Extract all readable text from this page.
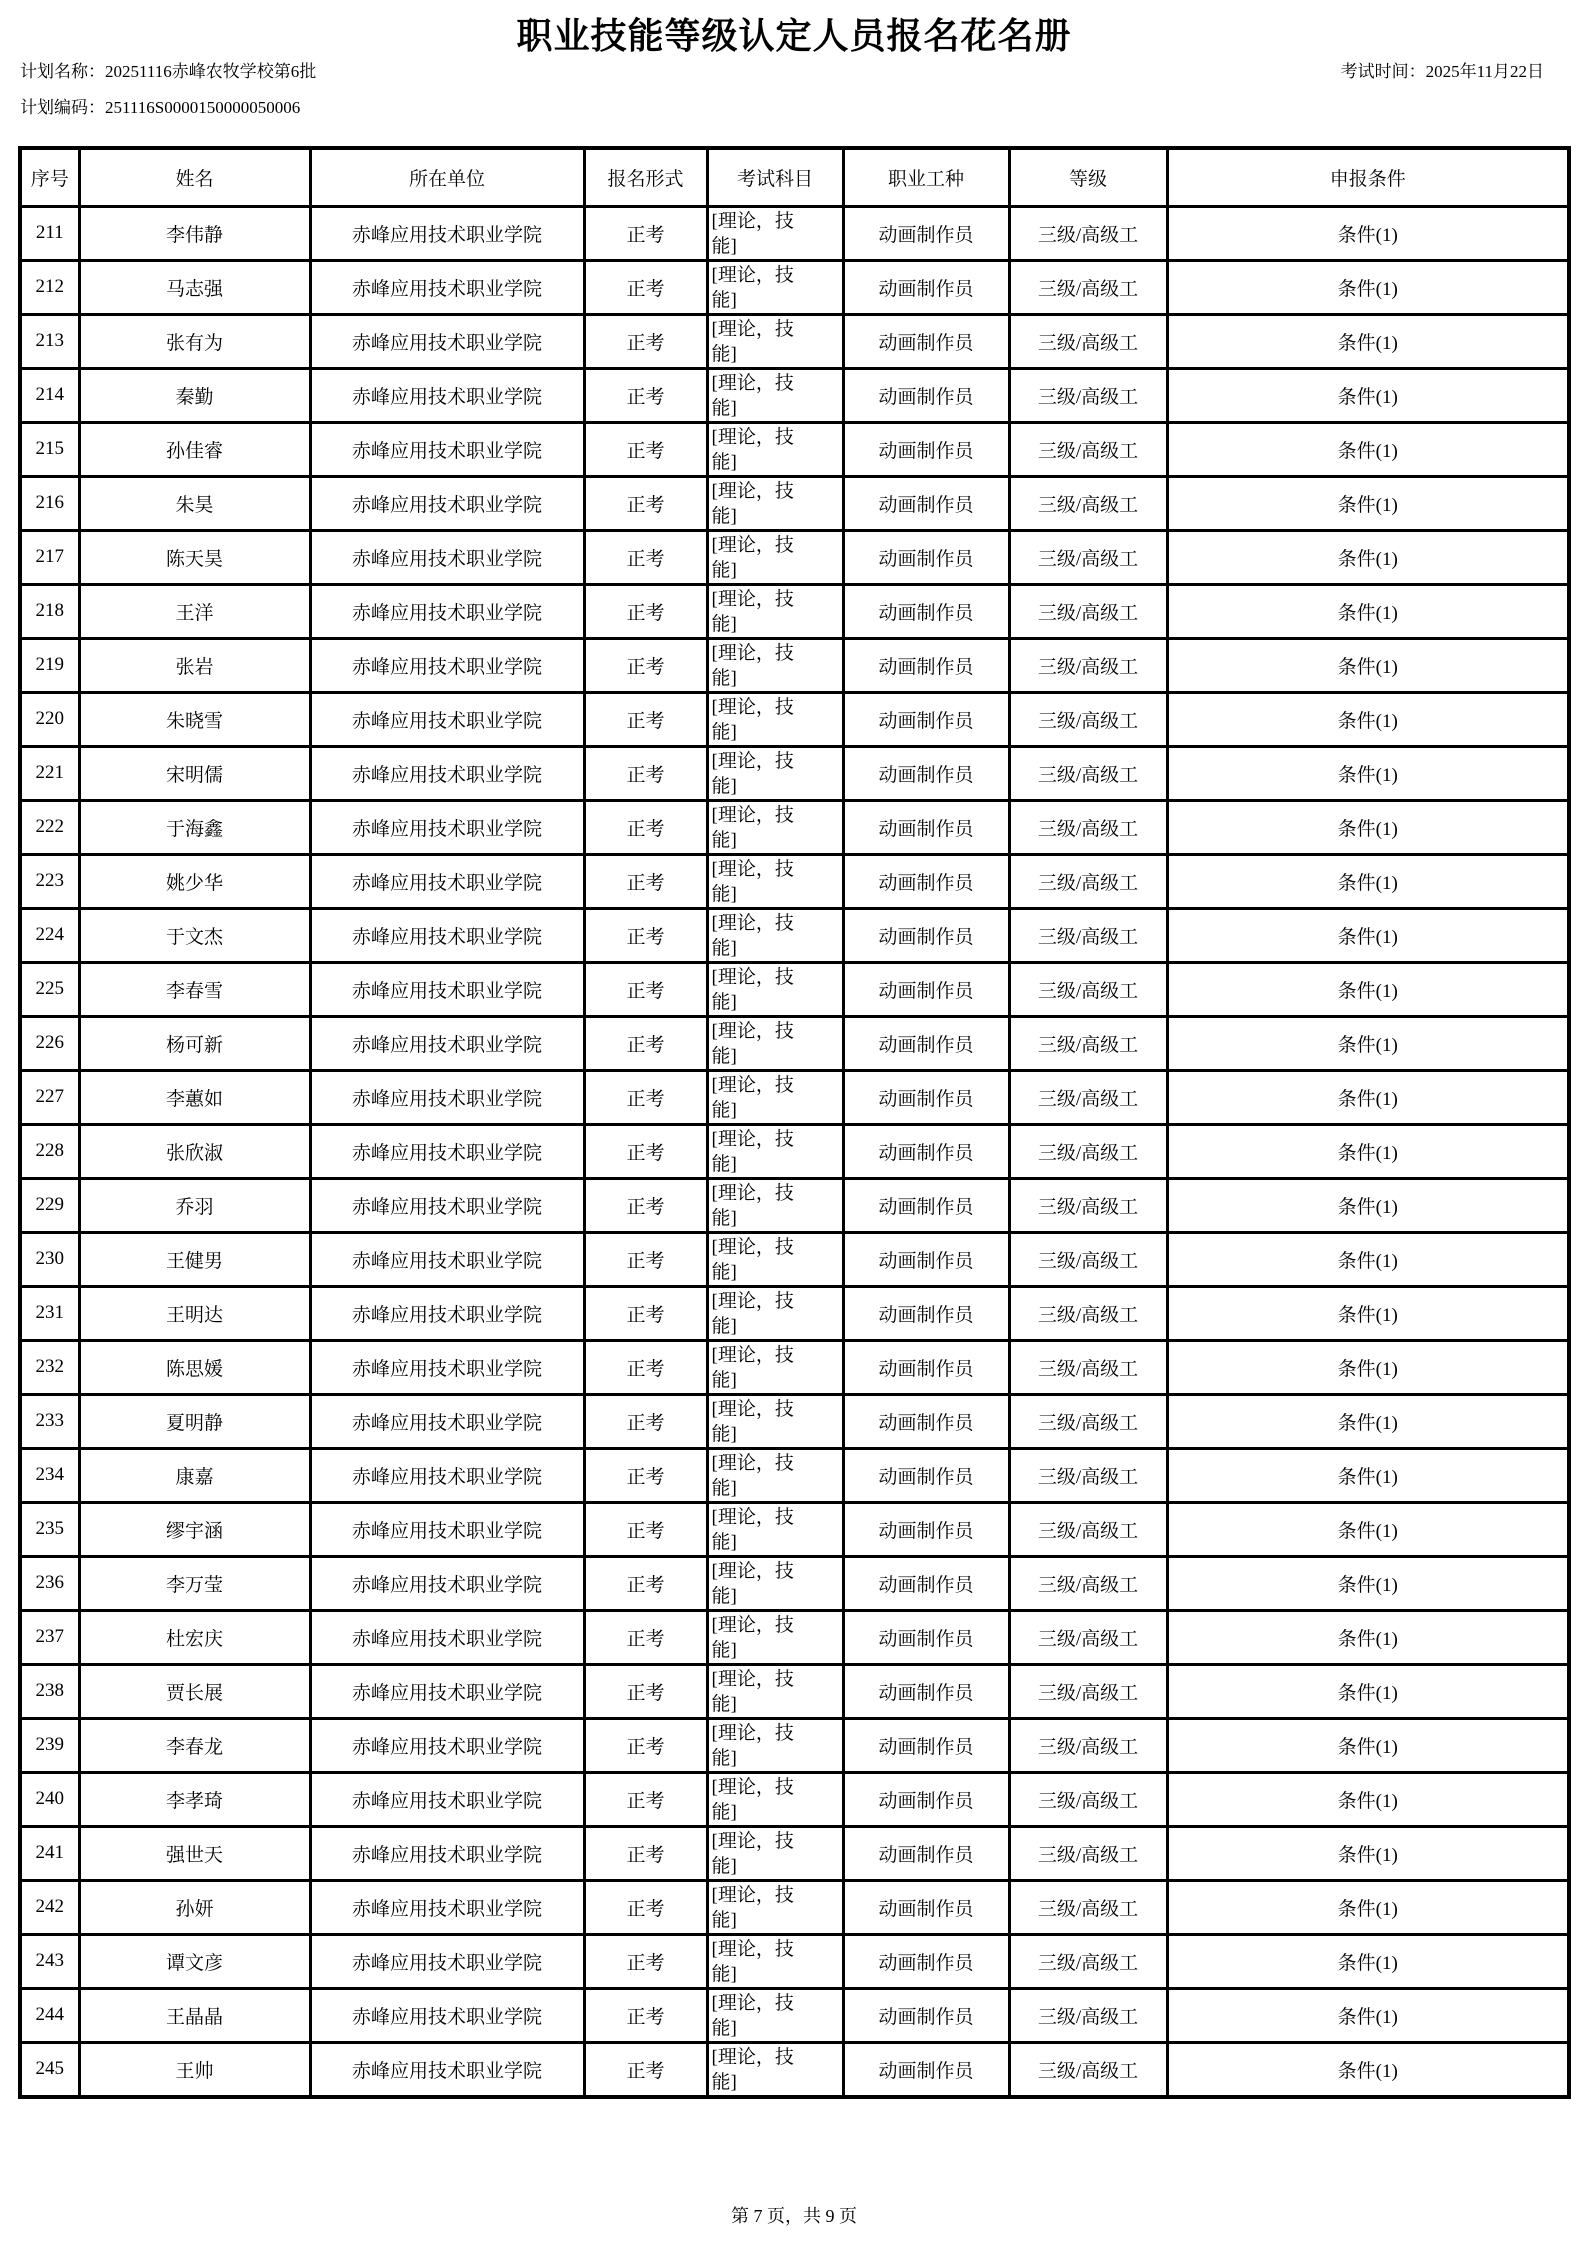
职业技能等级认定人员报名花名册
计划名称：20251116赤峰农牧学校第6批	考试时间：2025年11月22日
计划编码：251116S0000150000050006
序号	姓名	所在单位	报名形式	考试科目	职业工种	等级	申报条件
211	李伟静	赤峰应用技术职业学院	正考	[理论，技能]	动画制作员	三级/高级工	条件(1)
212	马志强	赤峰应用技术职业学院	正考	[理论，技能]	动画制作员	三级/高级工	条件(1)
213	张有为	赤峰应用技术职业学院	正考	[理论，技能]	动画制作员	三级/高级工	条件(1)
214	秦勤	赤峰应用技术职业学院	正考	[理论，技能]	动画制作员	三级/高级工	条件(1)
215	孙佳睿	赤峰应用技术职业学院	正考	[理论，技能]	动画制作员	三级/高级工	条件(1)
216	朱昊	赤峰应用技术职业学院	正考	[理论，技能]	动画制作员	三级/高级工	条件(1)
217	陈天昊	赤峰应用技术职业学院	正考	[理论，技能]	动画制作员	三级/高级工	条件(1)
218	王洋	赤峰应用技术职业学院	正考	[理论，技能]	动画制作员	三级/高级工	条件(1)
219	张岩	赤峰应用技术职业学院	正考	[理论，技能]	动画制作员	三级/高级工	条件(1)
220	朱晓雪	赤峰应用技术职业学院	正考	[理论，技能]	动画制作员	三级/高级工	条件(1)
221	宋明儒	赤峰应用技术职业学院	正考	[理论，技能]	动画制作员	三级/高级工	条件(1)
222	于海鑫	赤峰应用技术职业学院	正考	[理论，技能]	动画制作员	三级/高级工	条件(1)
223	姚少华	赤峰应用技术职业学院	正考	[理论，技能]	动画制作员	三级/高级工	条件(1)
224	于文杰	赤峰应用技术职业学院	正考	[理论，技能]	动画制作员	三级/高级工	条件(1)
225	李春雪	赤峰应用技术职业学院	正考	[理论，技能]	动画制作员	三级/高级工	条件(1)
226	杨可新	赤峰应用技术职业学院	正考	[理论，技能]	动画制作员	三级/高级工	条件(1)
227	李蕙如	赤峰应用技术职业学院	正考	[理论，技能]	动画制作员	三级/高级工	条件(1)
228	张欣淑	赤峰应用技术职业学院	正考	[理论，技能]	动画制作员	三级/高级工	条件(1)
229	乔羽	赤峰应用技术职业学院	正考	[理论，技能]	动画制作员	三级/高级工	条件(1)
230	王健男	赤峰应用技术职业学院	正考	[理论，技能]	动画制作员	三级/高级工	条件(1)
231	王明达	赤峰应用技术职业学院	正考	[理论，技能]	动画制作员	三级/高级工	条件(1)
232	陈思媛	赤峰应用技术职业学院	正考	[理论，技能]	动画制作员	三级/高级工	条件(1)
233	夏明静	赤峰应用技术职业学院	正考	[理论，技能]	动画制作员	三级/高级工	条件(1)
234	康嘉	赤峰应用技术职业学院	正考	[理论，技能]	动画制作员	三级/高级工	条件(1)
235	缪宇涵	赤峰应用技术职业学院	正考	[理论，技能]	动画制作员	三级/高级工	条件(1)
236	李万莹	赤峰应用技术职业学院	正考	[理论，技能]	动画制作员	三级/高级工	条件(1)
237	杜宏庆	赤峰应用技术职业学院	正考	[理论，技能]	动画制作员	三级/高级工	条件(1)
238	贾长展	赤峰应用技术职业学院	正考	[理论，技能]	动画制作员	三级/高级工	条件(1)
239	李春龙	赤峰应用技术职业学院	正考	[理论，技能]	动画制作员	三级/高级工	条件(1)
240	李孝琦	赤峰应用技术职业学院	正考	[理论，技能]	动画制作员	三级/高级工	条件(1)
241	强世天	赤峰应用技术职业学院	正考	[理论，技能]	动画制作员	三级/高级工	条件(1)
242	孙妍	赤峰应用技术职业学院	正考	[理论，技能]	动画制作员	三级/高级工	条件(1)
243	谭文彦	赤峰应用技术职业学院	正考	[理论，技能]	动画制作员	三级/高级工	条件(1)
244	王晶晶	赤峰应用技术职业学院	正考	[理论，技能]	动画制作员	三级/高级工	条件(1)
245	王帅	赤峰应用技术职业学院	正考	[理论，技能]	动画制作员	三级/高级工	条件(1)
第 7 页，共 9 页
